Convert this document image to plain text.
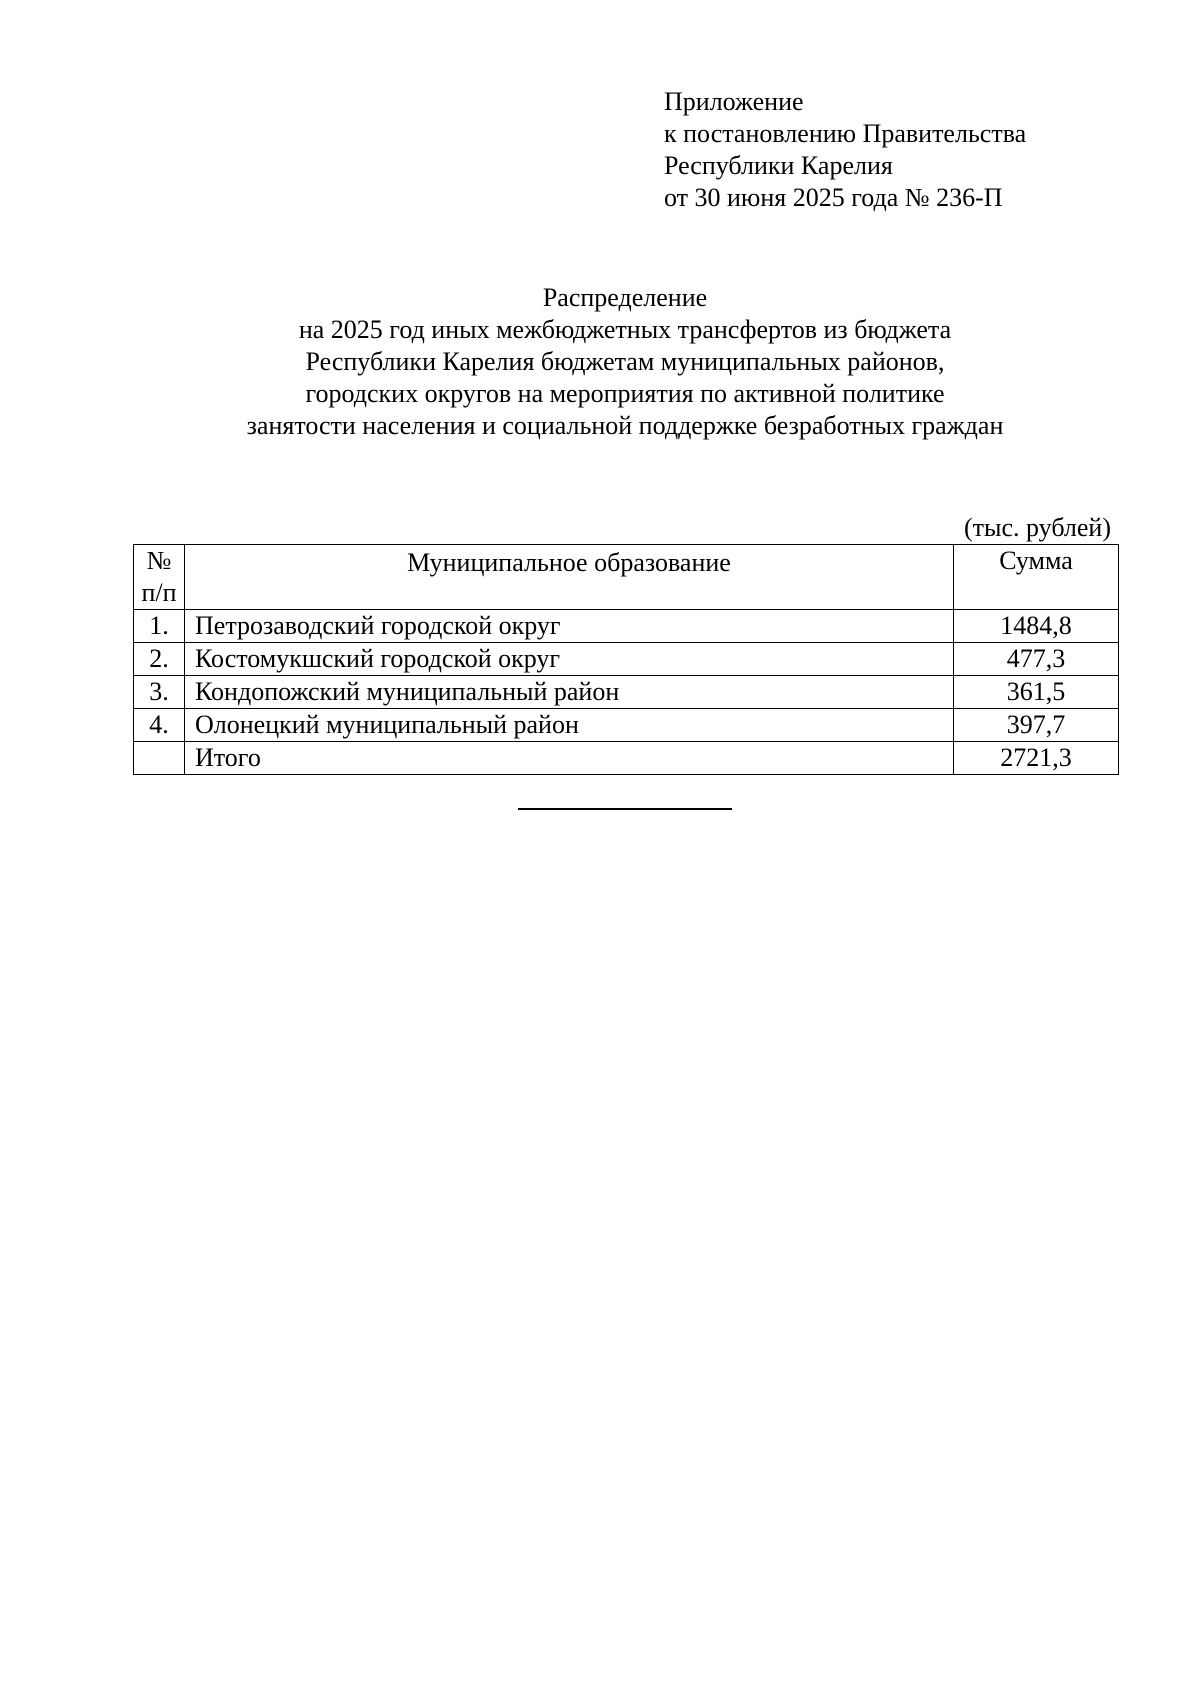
Приложение
к постановлению Правительства
Республики Карелия
от 30 июня 2025 года № 236-П
Распределение
на 2025 год иных межбюджетных трансфертов из бюджета
Республики Карелия бюджетам муниципальных районов,
городских округов на мероприятия по активной политике
занятости населения и социальной поддержке безработных граждан
(тыс. рублей)
№
п/п	Муниципальное образование	Сумма
1.	Петрозаводский городской округ	1484,8
2.	Костомукшский городской округ	477,3
3.	Кондопожский муниципальный район	361,5
4.	Олонецкий муниципальный район	397,7
	Итого	2721,3
